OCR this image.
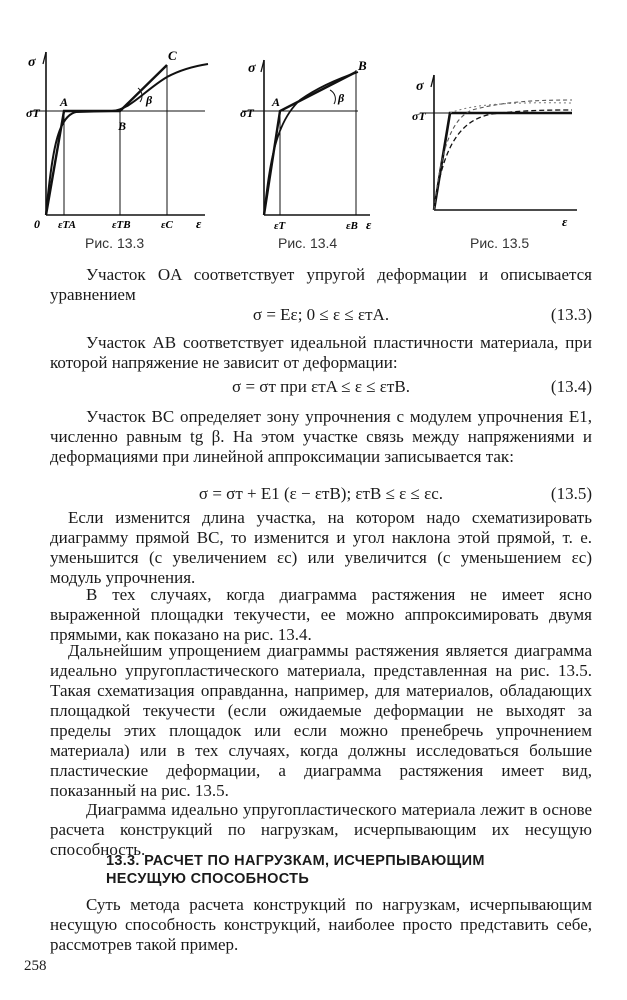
σ
σT
A
B
C
β
0 εTA	εTB	εC ε
Рис. 13.3
σ
σT
A
B
β
εT	εB ε
Рис. 13.4
σ
σT
ε
Рис. 13.5
Участок OA соответствует упругой деформации и описывается уравнением
σ = Eε; 0 ≤ ε ≤ εтA.	(13.3)
Участок AB соответствует идеальной пластичности материала, при которой напряжение не зависит от деформации:
σ = σт при εтA ≤ ε ≤ εтB.	(13.4)
Участок BC определяет зону упрочнения с модулем упрочнения E1, численно равным tg β. На этом участке связь между напряжениями и деформациями при линейной аппроксимации записывается так:
σ = σт + E1 (ε − εтB); εтB ≤ ε ≤ εс.	(13.5)
Если изменится длина участка, на котором надо схематизировать диаграмму прямой BC, то изменится и угол наклона этой прямой, т. е. уменьшится (с увеличением εс) или увеличится (с уменьшением εс) модуль упрочнения.
В тех случаях, когда диаграмма растяжения не имеет ясно выраженной площадки текучести, ее можно аппроксимировать двумя прямыми, как показано на рис. 13.4.
Дальнейшим упрощением диаграммы растяжения является диаграмма идеально упругопластического материала, представленная на рис. 13.5. Такая схематизация оправданна, например, для материалов, обладающих площадкой текучести (если ожидаемые деформации не выходят за пределы этих площадок или если можно пренебречь упрочнением материала) или в тех случаях, когда должны исследоваться большие пластические деформации, а диаграмма растяжения имеет вид, показанный на рис. 13.5.
Диаграмма идеально упругопластического материала лежит в основе расчета конструкций по нагрузкам, исчерпывающим их несущую способность.
13.3. РАСЧЕТ ПО НАГРУЗКАМ, ИСЧЕРПЫВАЮЩИМ НЕСУЩУЮ СПОСОБНОСТЬ
Суть метода расчета конструкций по нагрузкам, исчерпывающим несущую способность конструкций, наиболее просто представить себе, рассмотрев такой пример.
258
